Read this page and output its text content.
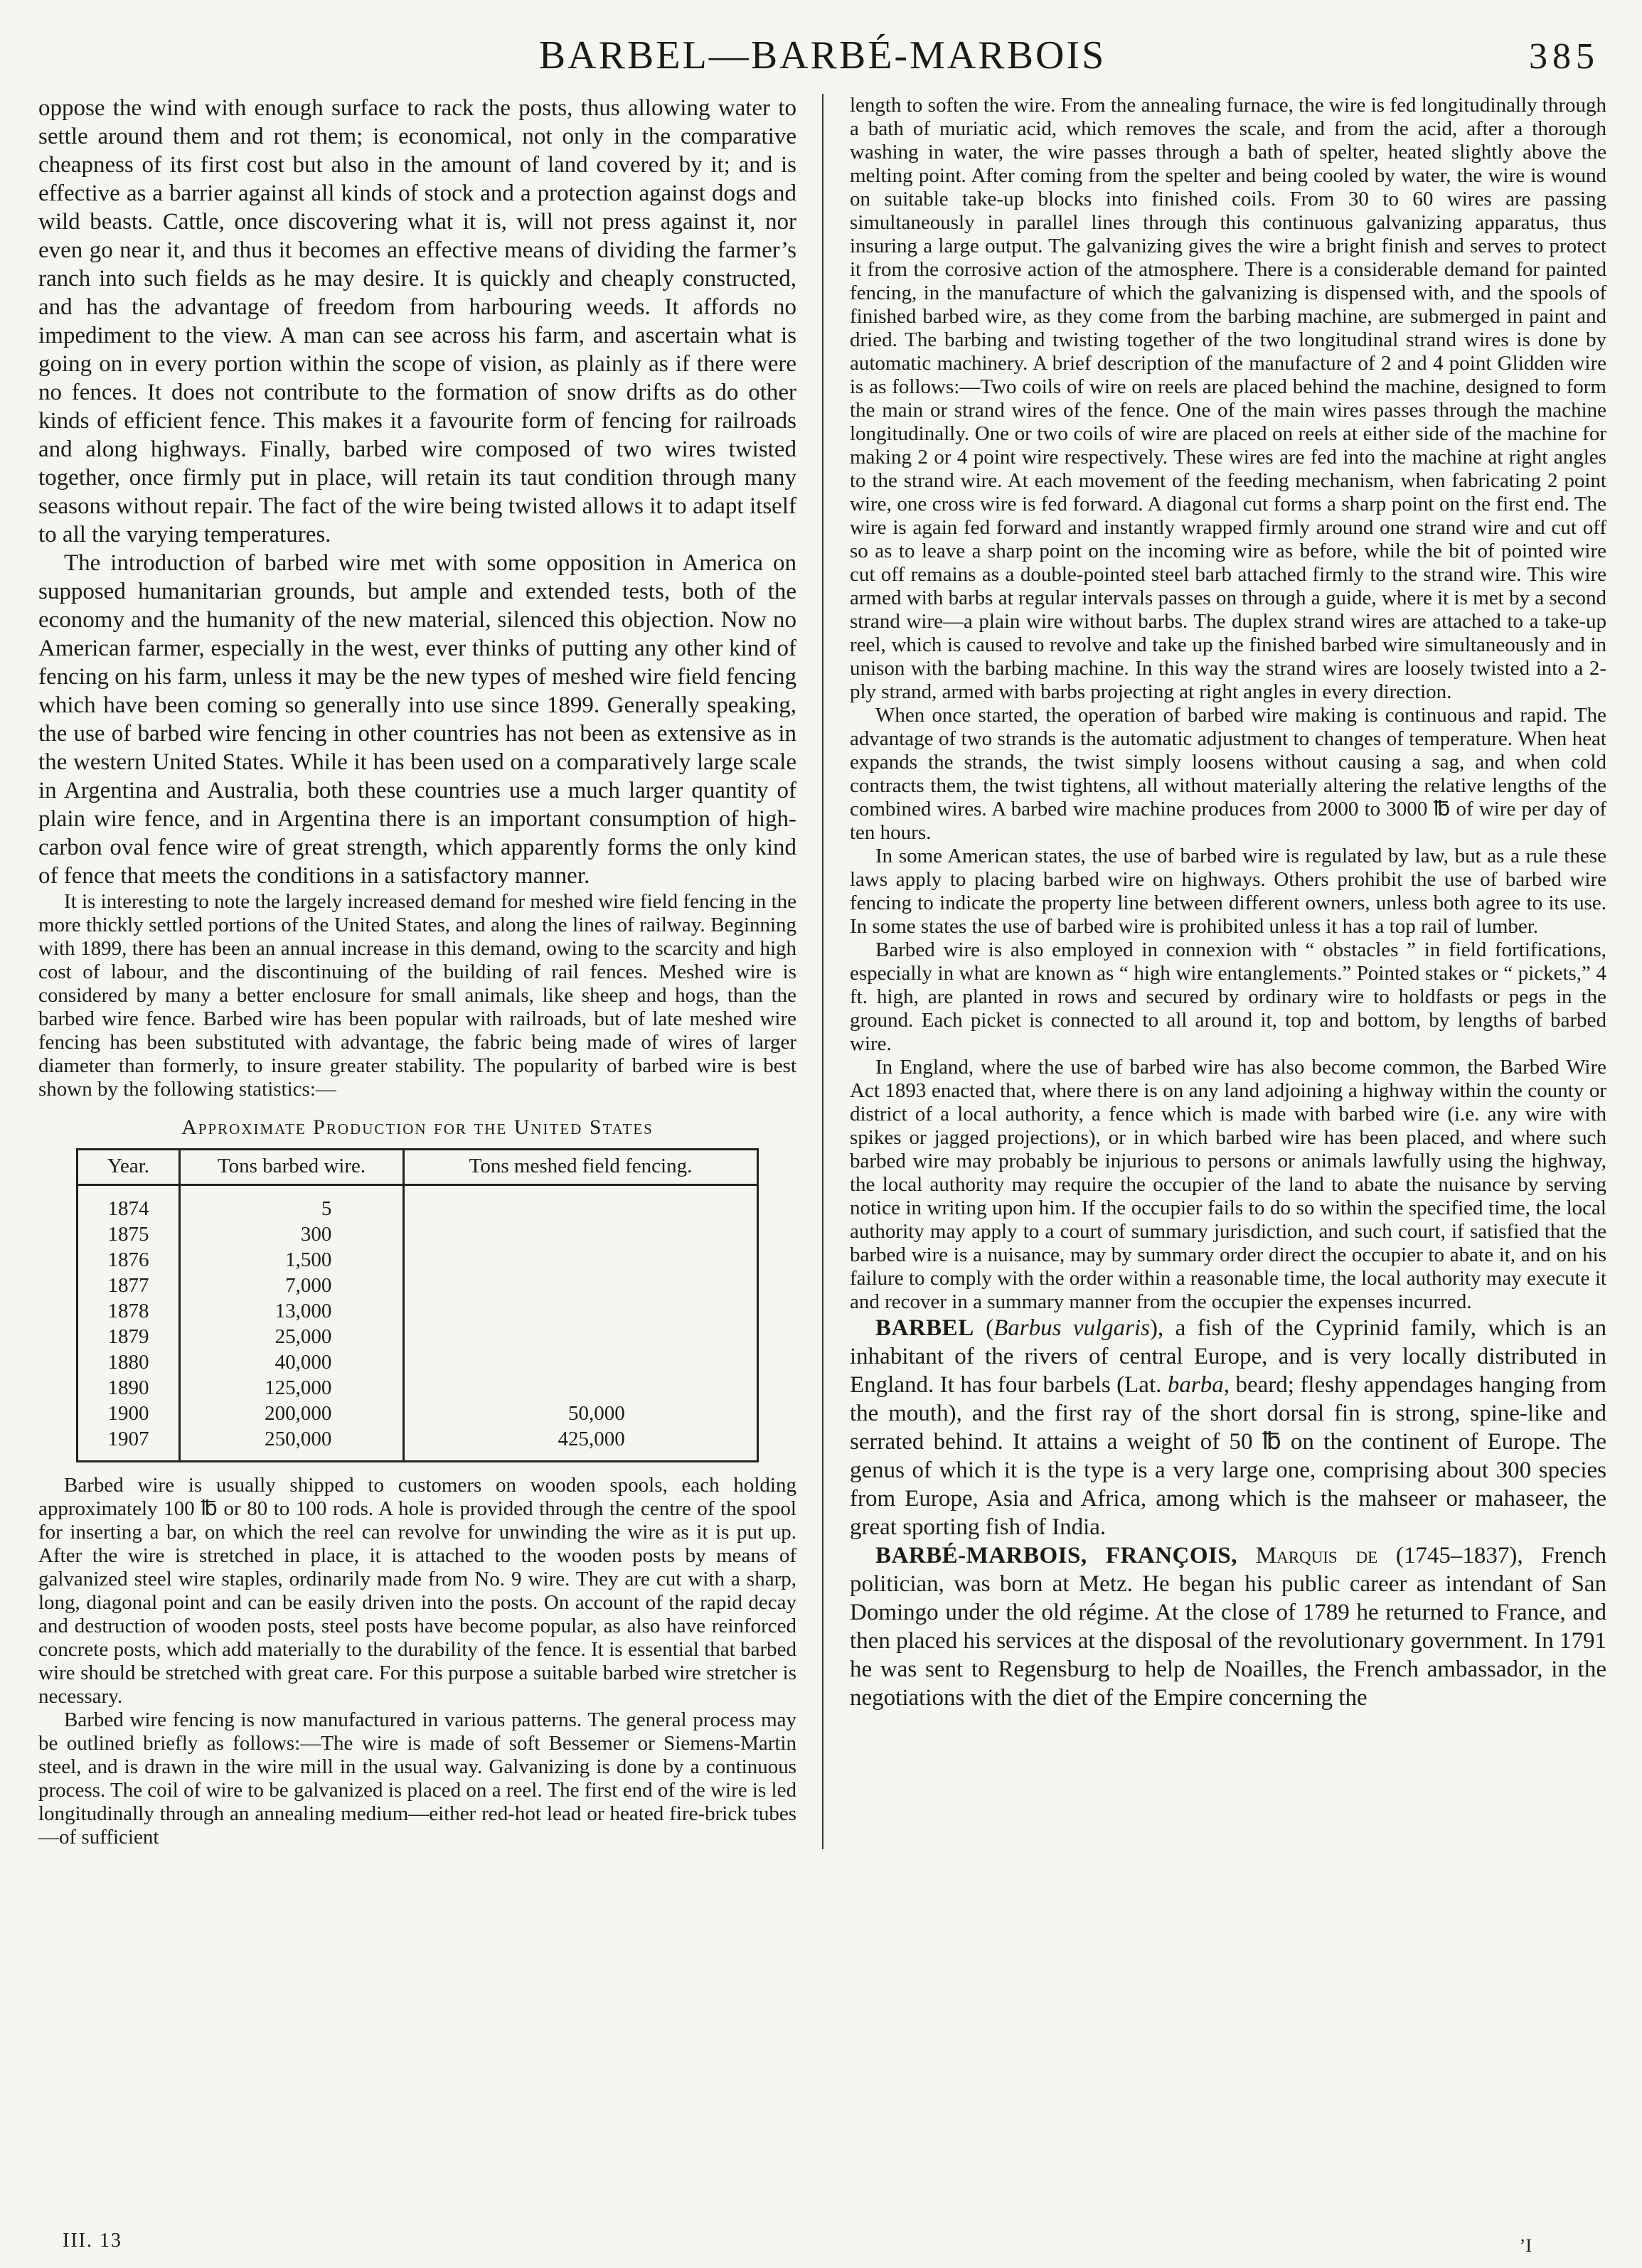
BARBEL—BARBÉ-MARBOIS	385

oppose the wind with enough surface to rack the posts, thus allowing water to settle around them and rot them; is economical, not only in the comparative cheapness of its first cost but also in the amount of land covered by it; and is effective as a barrier against all kinds of stock and a protection against dogs and wild beasts. Cattle, once discovering what it is, will not press against it, nor even go near it, and thus it becomes an effective means of dividing the farmer’s ranch into such fields as he may desire. It is quickly and cheaply constructed, and has the advantage of freedom from harbouring weeds. It affords no impediment to the view. A man can see across his farm, and ascertain what is going on in every portion within the scope of vision, as plainly as if there were no fences. It does not contribute to the formation of snow drifts as do other kinds of efficient fence. This makes it a favourite form of fencing for railroads and along highways. Finally, barbed wire composed of two wires twisted together, once firmly put in place, will retain its taut condition through many seasons without repair. The fact of the wire being twisted allows it to adapt itself to all the varying temperatures.

The introduction of barbed wire met with some opposition in America on supposed humanitarian grounds, but ample and extended tests, both of the economy and the humanity of the new material, silenced this objection. Now no American farmer, especially in the west, ever thinks of putting any other kind of fencing on his farm, unless it may be the new types of meshed wire field fencing which have been coming so generally into use since 1899. Generally speaking, the use of barbed wire fencing in other countries has not been as extensive as in the western United States. While it has been used on a comparatively large scale in Argentina and Australia, both these countries use a much larger quantity of plain wire fence, and in Argentina there is an important consumption of high-carbon oval fence wire of great strength, which apparently forms the only kind of fence that meets the conditions in a satisfactory manner.

It is interesting to note the largely increased demand for meshed wire field fencing in the more thickly settled portions of the United States, and along the lines of railway. Beginning with 1899, there has been an annual increase in this demand, owing to the scarcity and high cost of labour, and the discontinuing of the building of rail fences. Meshed wire is considered by many a better enclosure for small animals, like sheep and hogs, than the barbed wire fence. Barbed wire has been popular with railroads, but of late meshed wire fencing has been substituted with advantage, the fabric being made of wires of larger diameter than formerly, to insure greater stability. The popularity of barbed wire is best shown by the following statistics:—

Approximate Production for the United States
Year.	Tons barbed wire.	Tons meshed field fencing.
1874	5	
1875	300	
1876	1,500	
1877	7,000	
1878	13,000	
1879	25,000	
1880	40,000	
1890	125,000	
1900	200,000	50,000
1907	250,000	425,000

Barbed wire is usually shipped to customers on wooden spools, each holding approximately 100 ℔ or 80 to 100 rods. A hole is provided through the centre of the spool for inserting a bar, on which the reel can revolve for unwinding the wire as it is put up. After the wire is stretched in place, it is attached to the wooden posts by means of galvanized steel wire staples, ordinarily made from No. 9 wire. They are cut with a sharp, long, diagonal point and can be easily driven into the posts. On account of the rapid decay and destruction of wooden posts, steel posts have become popular, as also have reinforced concrete posts, which add materially to the durability of the fence. It is essential that barbed wire should be stretched with great care. For this purpose a suitable barbed wire stretcher is necessary.

Barbed wire fencing is now manufactured in various patterns. The general process may be outlined briefly as follows:—The wire is made of soft Bessemer or Siemens-Martin steel, and is drawn in the wire mill in the usual way. Galvanizing is done by a continuous process. The coil of wire to be galvanized is placed on a reel. The first end of the wire is led longitudinally through an annealing medium—either red-hot lead or heated fire-brick tubes—of sufficient

length to soften the wire. From the annealing furnace, the wire is fed longitudinally through a bath of muriatic acid, which removes the scale, and from the acid, after a thorough washing in water, the wire passes through a bath of spelter, heated slightly above the melting point. After coming from the spelter and being cooled by water, the wire is wound on suitable take-up blocks into finished coils. From 30 to 60 wires are passing simultaneously in parallel lines through this continuous galvanizing apparatus, thus insuring a large output. The galvanizing gives the wire a bright finish and serves to protect it from the corrosive action of the atmosphere. There is a considerable demand for painted fencing, in the manufacture of which the galvanizing is dispensed with, and the spools of finished barbed wire, as they come from the barbing machine, are submerged in paint and dried. The barbing and twisting together of the two longitudinal strand wires is done by automatic machinery. A brief description of the manufacture of 2 and 4 point Glidden wire is as follows:—Two coils of wire on reels are placed behind the machine, designed to form the main or strand wires of the fence. One of the main wires passes through the machine longitudinally. One or two coils of wire are placed on reels at either side of the machine for making 2 or 4 point wire respectively. These wires are fed into the machine at right angles to the strand wire. At each movement of the feeding mechanism, when fabricating 2 point wire, one cross wire is fed forward. A diagonal cut forms a sharp point on the first end. The wire is again fed forward and instantly wrapped firmly around one strand wire and cut off so as to leave a sharp point on the incoming wire as before, while the bit of pointed wire cut off remains as a double-pointed steel barb attached firmly to the strand wire. This wire armed with barbs at regular intervals passes on through a guide, where it is met by a second strand wire—a plain wire without barbs. The duplex strand wires are attached to a take-up reel, which is caused to revolve and take up the finished barbed wire simultaneously and in unison with the barbing machine. In this way the strand wires are loosely twisted into a 2-ply strand, armed with barbs projecting at right angles in every direction.

When once started, the operation of barbed wire making is continuous and rapid. The advantage of two strands is the automatic adjustment to changes of temperature. When heat expands the strands, the twist simply loosens without causing a sag, and when cold contracts them, the twist tightens, all without materially altering the relative lengths of the combined wires. A barbed wire machine produces from 2000 to 3000 ℔ of wire per day of ten hours.

In some American states, the use of barbed wire is regulated by law, but as a rule these laws apply to placing barbed wire on highways. Others prohibit the use of barbed wire fencing to indicate the property line between different owners, unless both agree to its use. In some states the use of barbed wire is prohibited unless it has a top rail of lumber.

Barbed wire is also employed in connexion with “ obstacles ” in field fortifications, especially in what are known as “ high wire entanglements.” Pointed stakes or “ pickets,” 4 ft. high, are planted in rows and secured by ordinary wire to holdfasts or pegs in the ground. Each picket is connected to all around it, top and bottom, by lengths of barbed wire.

In England, where the use of barbed wire has also become common, the Barbed Wire Act 1893 enacted that, where there is on any land adjoining a highway within the county or district of a local authority, a fence which is made with barbed wire (i.e. any wire with spikes or jagged projections), or in which barbed wire has been placed, and where such barbed wire may probably be injurious to persons or animals lawfully using the highway, the local authority may require the occupier of the land to abate the nuisance by serving notice in writing upon him. If the occupier fails to do so within the specified time, the local authority may apply to a court of summary jurisdiction, and such court, if satisfied that the barbed wire is a nuisance, may by summary order direct the occupier to abate it, and on his failure to comply with the order within a reasonable time, the local authority may execute it and recover in a summary manner from the occupier the expenses incurred.

BARBEL (Barbus vulgaris), a fish of the Cyprinid family, which is an inhabitant of the rivers of central Europe, and is very locally distributed in England. It has four barbels (Lat. barba, beard; fleshy appendages hanging from the mouth), and the first ray of the short dorsal fin is strong, spine-like and serrated behind. It attains a weight of 50 ℔ on the continent of Europe. The genus of which it is the type is a very large one, comprising about 300 species from Europe, Asia and Africa, among which is the mahseer or mahaseer, the great sporting fish of India.

BARBÉ-MARBOIS, FRANÇOIS, Marquis de (1745–1837), French politician, was born at Metz. He began his public career as intendant of San Domingo under the old régime. At the close of 1789 he returned to France, and then placed his services at the disposal of the revolutionary government. In 1791 he was sent to Regensburg to help de Noailles, the French ambassador, in the negotiations with the diet of the Empire concerning the

III. 13	’I
